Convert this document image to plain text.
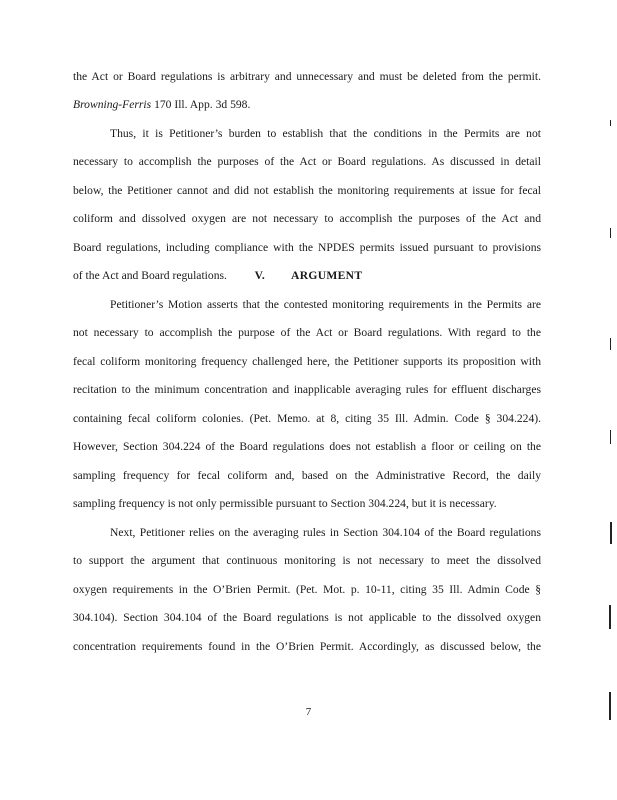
the Act or Board regulations is arbitrary and unnecessary and must be deleted from the permit.
Browning-Ferris 170 Ill. App. 3d 598.
Thus, it is Petitioner’s burden to establish that the conditions in the Permits are not
necessary to accomplish the purposes of the Act or Board regulations. As discussed in detail
below, the Petitioner cannot and did not establish the monitoring requirements at issue for fecal
coliform and dissolved oxygen are not necessary to accomplish the purposes of the Act and
Board regulations, including compliance with the NPDES permits issued pursuant to provisions
of the Act and Board regulations.	V. ARGUMENT
Petitioner’s Motion asserts that the contested monitoring requirements in the Permits are
not necessary to accomplish the purpose of the Act or Board regulations. With regard to the
fecal coliform monitoring frequency challenged here, the Petitioner supports its proposition with
recitation to the minimum concentration and inapplicable averaging rules for effluent discharges
containing fecal coliform colonies. (Pet. Memo. at 8, citing 35 Ill. Admin. Code § 304.224).
However, Section 304.224 of the Board regulations does not establish a floor or ceiling on the
sampling frequency for fecal coliform and, based on the Administrative Record, the daily
sampling frequency is not only permissible pursuant to Section 304.224, but it is necessary.
Next, Petitioner relies on the averaging rules in Section 304.104 of the Board regulations
to support the argument that continuous monitoring is not necessary to meet the dissolved
oxygen requirements in the O’Brien Permit. (Pet. Mot. p. 10-11, citing 35 Ill. Admin Code §
304.104). Section 304.104 of the Board regulations is not applicable to the dissolved oxygen
concentration requirements found in the O’Brien Permit. Accordingly, as discussed below, the
7
